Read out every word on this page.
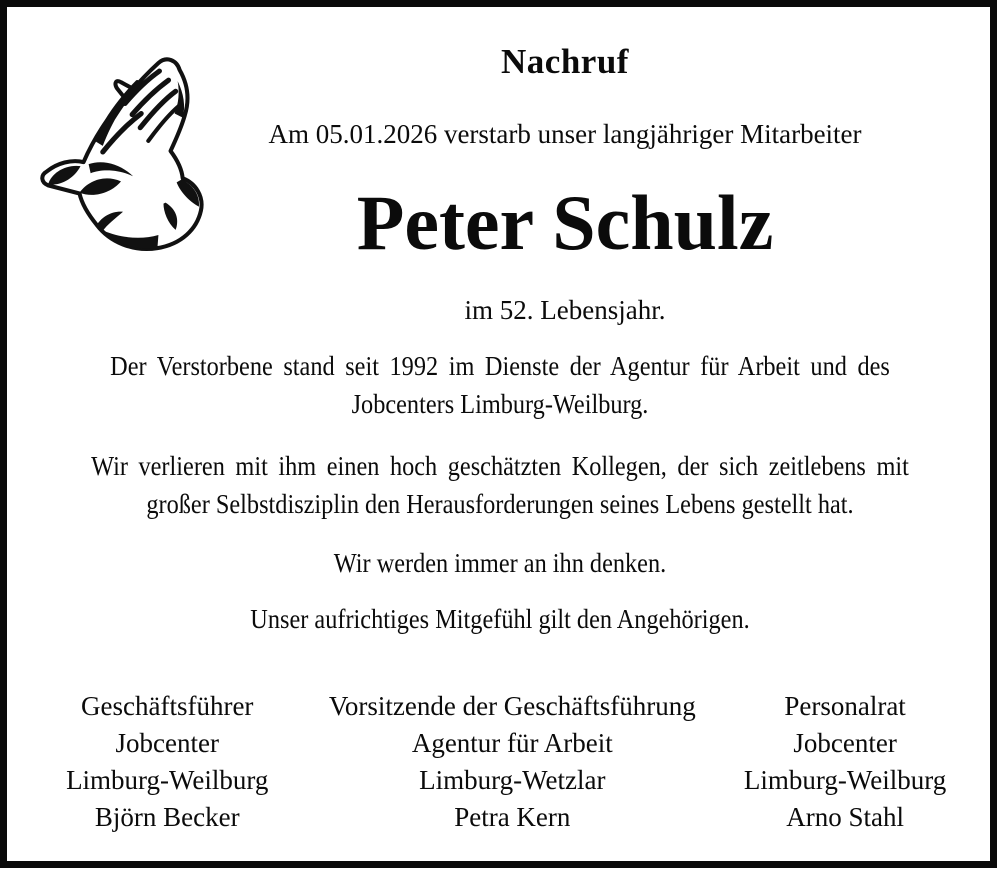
Nachruf
Am 05.01.2026 verstarb unser langjähriger Mitarbeiter
Peter Schulz
im 52. Lebensjahr.
Der Verstorbene stand seit 1992 im Dienste der Agentur für Arbeit und des
Jobcenters Limburg-Weilburg.
Wir verlieren mit ihm einen hoch geschätzten Kollegen, der sich zeitlebens mit
großer Selbstdisziplin den Herausforderungen seines Lebens gestellt hat.
Wir werden immer an ihn denken.
Unser aufrichtiges Mitgefühl gilt den Angehörigen.
Geschäftsführer
Jobcenter
Limburg-Weilburg
Björn Becker
Vorsitzende der Geschäftsführung
Agentur für Arbeit
Limburg-Wetzlar
Petra Kern
Personalrat
Jobcenter
Limburg-Weilburg
Arno Stahl
